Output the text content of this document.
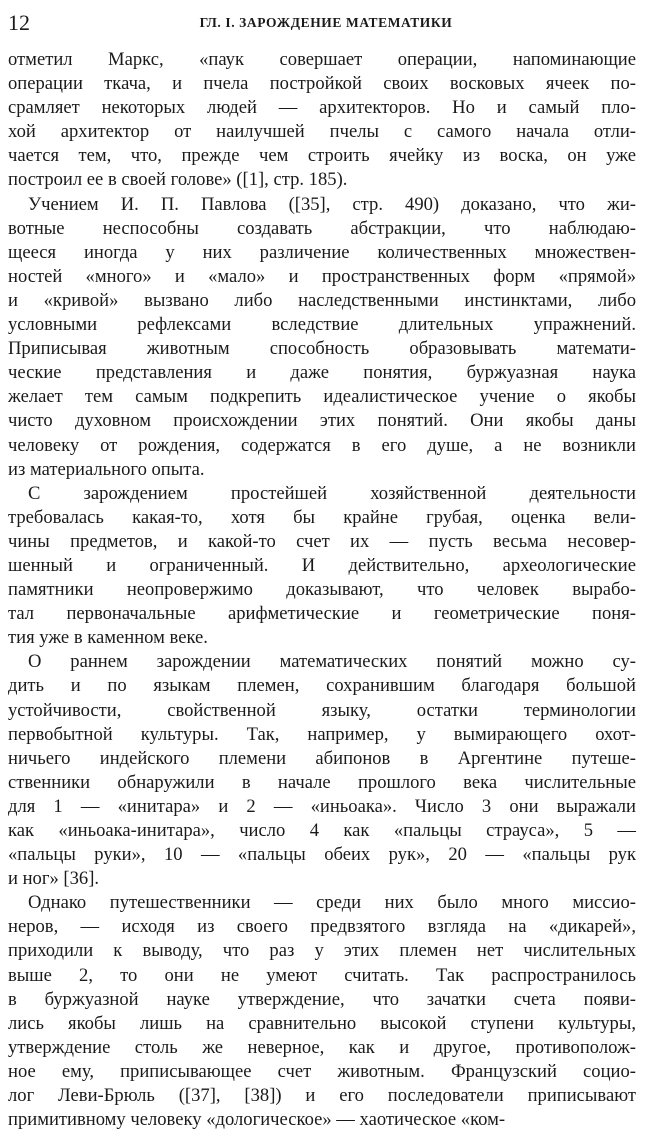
12	ГЛ. I. ЗАРОЖДЕНИЕ МАТЕМАТИКИ
отметил Маркс, «паук совершает операции, напоминающие
операции ткача, и пчела постройкой своих восковых ячеек по-
срамляет некоторых людей — архитекторов. Но и самый пло-
хой архитектор от наилучшей пчелы с самого начала отли-
чается тем, что, прежде чем строить ячейку из воска, он уже
построил ее в своей голове» ([1], стр. 185).
Учением И. П. Павлова ([35], стр. 490) доказано, что жи-
вотные неспособны создавать абстракции, что наблюдаю-
щееся иногда у них различение количественных множествен-
ностей «много» и «мало» и пространственных форм «прямой»
и «кривой» вызвано либо наследственными инстинктами, либо
условными рефлексами вследствие длительных упражнений.
Приписывая животным способность образовывать математи-
ческие представления и даже понятия, буржуазная наука
желает тем самым подкрепить идеалистическое учение о якобы
чисто духовном происхождении этих понятий. Они якобы даны
человеку от рождения, содержатся в его душе, а не возникли
из материального опыта.
С зарождением простейшей хозяйственной деятельности
требовалась какая-то, хотя бы крайне грубая, оценка вели-
чины предметов, и какой-то счет их — пусть весьма несовер-
шенный и ограниченный. И действительно, археологические
памятники неопровержимо доказывают, что человек вырабо-
тал первоначальные арифметические и геометрические поня-
тия уже в каменном веке.
О раннем зарождении математических понятий можно су-
дить и по языкам племен, сохранившим благодаря большой
устойчивости, свойственной языку, остатки терминологии
первобытной культуры. Так, например, у вымирающего охот-
ничьего индейского племени абипонов в Аргентине путеше-
ственники обнаружили в начале прошлого века числительные
для 1 — «инитара» и 2 — «иньоака». Число 3 они выражали
как «иньоака-инитара», число 4 как «пальцы страуса», 5 —
«пальцы руки», 10 — «пальцы обеих рук», 20 — «пальцы рук
и ног» [36].
Однако путешественники — среди них было много миссио-
неров, — исходя из своего предвзятого взгляда на «дикарей»,
приходили к выводу, что раз у этих племен нет числительных
выше 2, то они не умеют считать. Так распространилось
в буржуазной науке утверждение, что зачатки счета появи-
лись якобы лишь на сравнительно высокой ступени культуры,
утверждение столь же неверное, как и другое, противополож-
ное ему, приписывающее счет животным. Французский социо-
лог Леви-Брюль ([37], [38]) и его последователи приписывают
примитивному человеку «дологическое» — хаотическое «ком-
